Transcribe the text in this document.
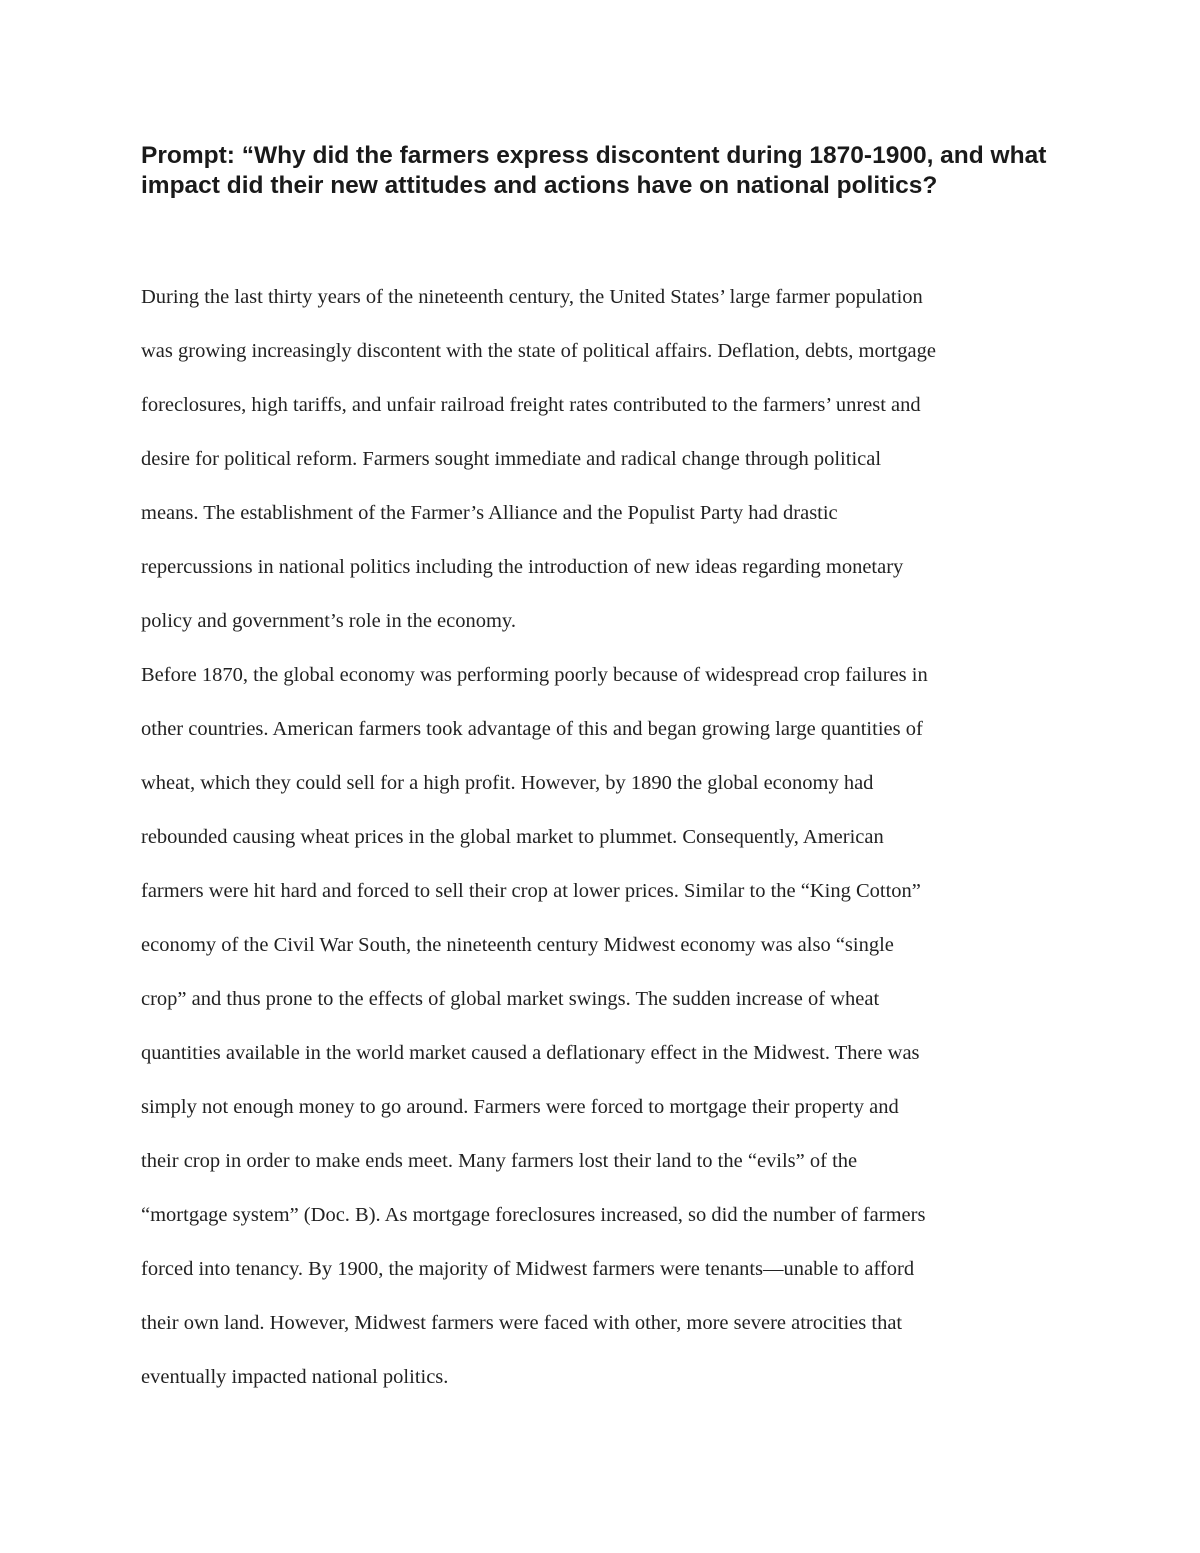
Prompt: “Why did the farmers express discontent during 1870-1900, and what impact did their new attitudes and actions have on national politics?

During the last thirty years of the nineteenth century, the United States’ large farmer population
was growing increasingly discontent with the state of political affairs. Deflation, debts, mortgage
foreclosures, high tariffs, and unfair railroad freight rates contributed to the farmers’ unrest and
desire for political reform. Farmers sought immediate and radical change through political
means. The establishment of the Farmer’s Alliance and the Populist Party had drastic
repercussions in national politics including the introduction of new ideas regarding monetary
policy and government’s role in the economy.

Before 1870, the global economy was performing poorly because of widespread crop failures in
other countries. American farmers took advantage of this and began growing large quantities of
wheat, which they could sell for a high profit. However, by 1890 the global economy had
rebounded causing wheat prices in the global market to plummet. Consequently, American
farmers were hit hard and forced to sell their crop at lower prices. Similar to the “King Cotton”
economy of the Civil War South, the nineteenth century Midwest economy was also “single
crop” and thus prone to the effects of global market swings. The sudden increase of wheat
quantities available in the world market caused a deflationary effect in the Midwest. There was
simply not enough money to go around. Farmers were forced to mortgage their property and
their crop in order to make ends meet. Many farmers lost their land to the “evils” of the
“mortgage system” (Doc. B). As mortgage foreclosures increased, so did the number of farmers
forced into tenancy. By 1900, the majority of Midwest farmers were tenants—unable to afford
their own land. However, Midwest farmers were faced with other, more severe atrocities that
eventually impacted national politics.
